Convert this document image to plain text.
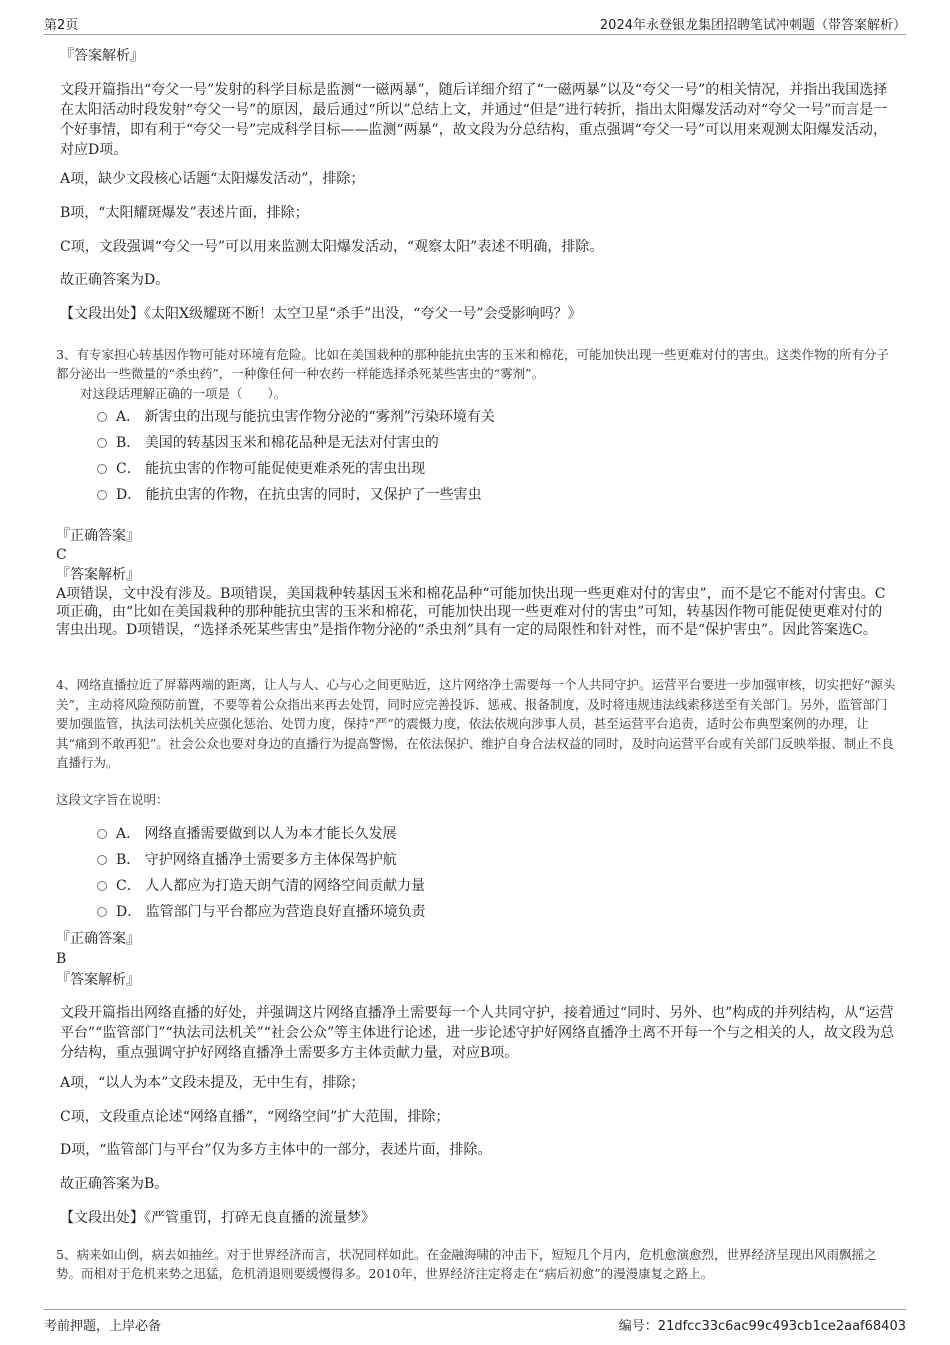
第2页	2024年永登银龙集团招聘笔试冲刺题（带答案解析）

『答案解析』

文段开篇指出“夸父一号”发射的科学目标是监测“一磁两暴”，随后详细介绍了“一磁两暴”以及“夸父一号”的相关情况，并指出我国选择在太阳活动时段发射“夸父一号”的原因，最后通过“所以”总结上文，并通过“但是”进行转折，指出太阳爆发活动对“夸父一号”而言是一个好事情，即有利于“夸父一号”完成科学目标——监测“两暴”，故文段为分总结构，重点强调“夸父一号”可以用来观测太阳爆发活动，对应D项。

A项，缺少文段核心话题“太阳爆发活动”，排除；

B项，“太阳耀斑爆发”表述片面，排除；

C项，文段强调“夸父一号”可以用来监测太阳爆发活动，“观察太阳”表述不明确，排除。

故正确答案为D。

【文段出处】《太阳X级耀斑不断！太空卫星“杀手”出没，“夸父一号”会受影响吗？》

3、有专家担心转基因作物可能对环境有危险。比如在美国栽种的那种能抗虫害的玉米和棉花，可能加快出现一些更难对付的害虫。这类作物的所有分子都分泌出一些微量的“杀虫药”，一种像任何一种农药一样能选择杀死某些害虫的“雾剂”。

对这段话理解正确的一项是（　　）。

A． 新害虫的出现与能抗虫害作物分泌的“雾剂”污染环境有关

B． 美国的转基因玉米和棉花品种是无法对付害虫的

C． 能抗虫害的作物可能促使更难杀死的害虫出现

D． 能抗虫害的作物，在抗虫害的同时，又保护了一些害虫

『正确答案』

C

『答案解析』

A项错误，文中没有涉及。B项错误，美国栽种转基因玉米和棉花品种“可能加快出现一些更难对付的害虫”，而不是它不能对付害虫。C项正确，由“比如在美国栽种的那种能抗虫害的玉米和棉花，可能加快出现一些更难对付的害虫”可知，转基因作物可能促使更难对付的害虫出现。D项错误，“选择杀死某些害虫”是指作物分泌的“杀虫剂”具有一定的局限性和针对性，而不是“保护害虫”。因此答案选C。

4、网络直播拉近了屏幕两端的距离，让人与人、心与心之间更贴近，这片网络净土需要每一个人共同守护。运营平台要进一步加强审核，切实把好“源头关”，主动将风险预防前置，不要等着公众指出来再去处罚，同时应完善投诉、惩戒、报备制度，及时将违规违法线索移送至有关部门。另外，监管部门要加强监管，执法司法机关应强化惩治、处罚力度，保持“严”的震慑力度，依法依规向涉事人员，甚至运营平台追责，适时公布典型案例的办理，让其“痛到不敢再犯”。社会公众也要对身边的直播行为提高警惕，在依法保护、维护自身合法权益的同时，及时向运营平台或有关部门反映举报、制止不良直播行为。

这段文字旨在说明：

A． 网络直播需要做到以人为本才能长久发展

B． 守护网络直播净土需要多方主体保驾护航

C． 人人都应为打造天朗气清的网络空间贡献力量

D． 监管部门与平台都应为营造良好直播环境负责

『正确答案』

B

『答案解析』

文段开篇指出网络直播的好处，并强调这片网络直播净土需要每一个人共同守护，接着通过“同时、另外、也”构成的并列结构，从“运营平台”“监管部门”“执法司法机关”“社会公众”等主体进行论述，进一步论述守护好网络直播净土离不开每一个与之相关的人，故文段为总分结构，重点强调守护好网络直播净土需要多方主体贡献力量，对应B项。

A项，“以人为本”文段未提及，无中生有，排除；

C项，文段重点论述“网络直播”，“网络空间”扩大范围，排除；

D项，“监管部门与平台”仅为多方主体中的一部分，表述片面，排除。

故正确答案为B。

【文段出处】《严管重罚，打碎无良直播的流量梦》

5、病来如山倒，病去如抽丝。对于世界经济而言，状况同样如此。在金融海啸的冲击下，短短几个月内，危机愈演愈烈，世界经济呈现出风雨飘摇之势。而相对于危机来势之迅猛，危机消退则要缓慢得多。2010年，世界经济注定将走在“病后初愈”的漫漫康复之路上。

考前押题，上岸必备	编号：21dfcc33c6ac99c493cb1ce2aaf68403
